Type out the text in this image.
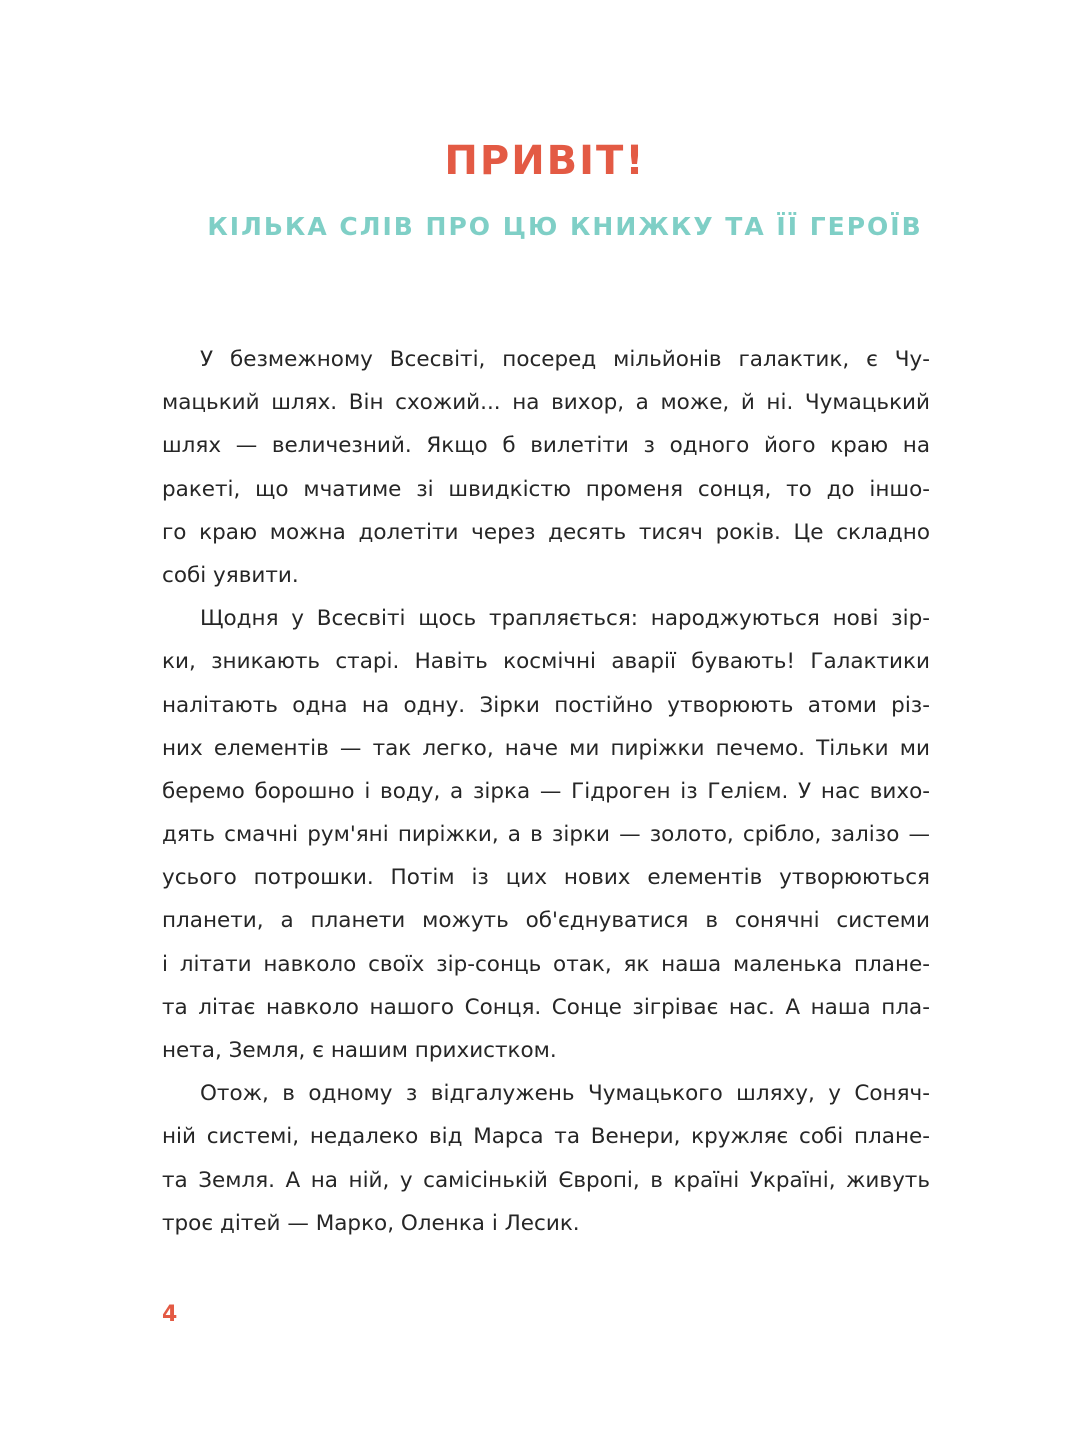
ПРИВІТ!
КІЛЬКА СЛІВ ПРО ЦЮ КНИЖКУ ТА ЇЇ ГЕРОЇВ
У безмежному Всесвіті, посеред мільйонів галактик, є Чу-
мацький шлях. Він схожий... на вихор, а може, й ні. Чумацький
шлях — величезний. Якщо б вилетіти з одного його краю на
ракеті, що мчатиме зі швидкістю променя сонця, то до іншо-
го краю можна долетіти через десять тисяч років. Це складно
собі уявити.
Щодня у Всесвіті щось трапляється: народжуються нові зір-
ки, зникають старі. Навіть космічні аварії бувають! Галактики
налітають одна на одну. Зірки постійно утворюють атоми різ-
них елементів — так легко, наче ми пиріжки печемо. Тільки ми
беремо борошно і воду, а зірка — Гідроген із Гелієм. У нас вихо-
дять смачні рум'яні пиріжки, а в зірки — золото, срібло, залізо —
усього потрошки. Потім із цих нових елементів утворюються
планети, а планети можуть об'єднуватися в сонячні системи
і літати навколо своїх зір-сонць отак, як наша маленька плане-
та літає навколо нашого Сонця. Сонце зігріває нас. А наша пла-
нета, Земля, є нашим прихистком.
Отож, в одному з відгалужень Чумацького шляху, у Соняч-
ній системі, недалеко від Марса та Венери, кружляє собі плане-
та Земля. А на ній, у самісінькій Європі, в країні Україні, живуть
троє дітей — Марко, Оленка і Лесик.
4
